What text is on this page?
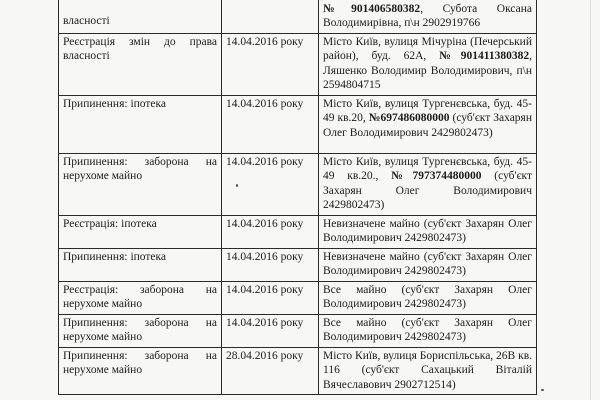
власності		№901406580382, Субота Оксана Володимирівна, п\н 2902919766
Реєстрація змін до права власності	14.04.2016 року	Місто Київ, вулиця Мічуріна (Печерський район), буд. 62А, №901411380382, Ляшенко Володимир Володимирович, п\н 2594804715
Припинення: іпотека	14.04.2016 року	Місто Київ, вулиця Тургенєвська, буд. 45-49 кв.20, №697486080000 (суб'єкт Захарян Олег Володимирович 2429802473)
Припинення: заборона на нерухоме майно	14.04.2016 року	Місто Київ, вулиця Тургенєвська, буд. 45-49 кв.20., №797374480000 (суб'єкт Захарян Олег Володимирович 2429802473)
Реєстрація: іпотека	14.04.2016 року	Невизначене майно (суб'єкт Захарян Олег Володимирович 2429802473)
Припинення: іпотека	14.04.2016 року	Невизначене майно (суб'єкт Захарян Олег Володимирович 2429802473)
Реєстрація: заборона на нерухоме майно	14.04.2016 року	Все майно (суб'єкт Захарян Олег Володимирович 2429802473)
Припинення: заборона на нерухоме майно	14.04.2016 року	Все майно (суб'єкт Захарян Олег Володимирович 2429802473)
Припинення: заборона на нерухоме майно	28.04.2016 року	Місто Київ, вулиця Бориспільська, 26В кв. 116 (суб'єкт Сахацький Віталій Вячеславович 2902712514)
